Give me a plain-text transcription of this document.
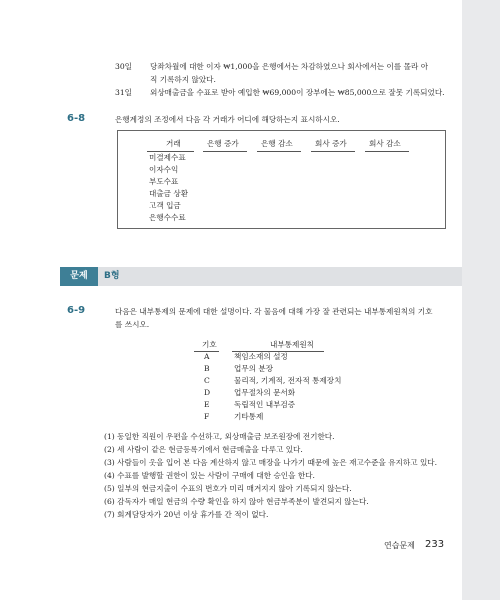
30일 당좌차월에 대한 이자 ₩1,000을 은행에서는 차감하였으나 회사에서는 이를 몰라 아
직 기록하지 않았다.
31일 외상매출금을 수표로 받아 예입한 ₩69,000이 장부에는 ₩85,000으로 잘못 기록되었다.
6-8	은행계정의 조정에서 다음 각 거래가 어디에 해당하는지 표시하시오.
거래	은행 증가	은행 감소	회사 증가	회사 감소
미결제수표
이자수익
부도수표
대출금 상환
고객 입금
은행수수료
문제	B형
6-9	다음은 내부통제의 문제에 대한 설명이다. 각 물음에 대해 가장 잘 관련되는 내부통제원칙의 기호
를 쓰시오.
기호	내부통제원칙
A	책임소재의 설정
B	업무의 분장
C	물리적, 기계적, 전자적 통제장치
D	업무절차의 문서화
E	독립적인 내부검증
F	기타통제
(1) 동일한 직원이 우편을 수선하고, 외상매출금 보조원장에 전기한다.
(2) 세 사람이 같은 현금등록기에서 현금매출을 다루고 있다.
(3) 사람들이 옷을 입어 본 다음 계산하지 않고 매장을 나가기 때문에 높은 재고수준을 유지하고 있다.
(4) 수표를 발행할 권한이 있는 사람이 구매에 대한 승인을 한다.
(5) 일부의 현금지출이 수표의 번호가 미리 매겨지지 않아 기록되지 않는다.
(6) 감독자가 매일 현금의 수량 확인을 하지 않아 현금부족분이 발견되지 않는다.
(7) 회계담당자가 20년 이상 휴가를 간 적이 없다.
연습문제 233
